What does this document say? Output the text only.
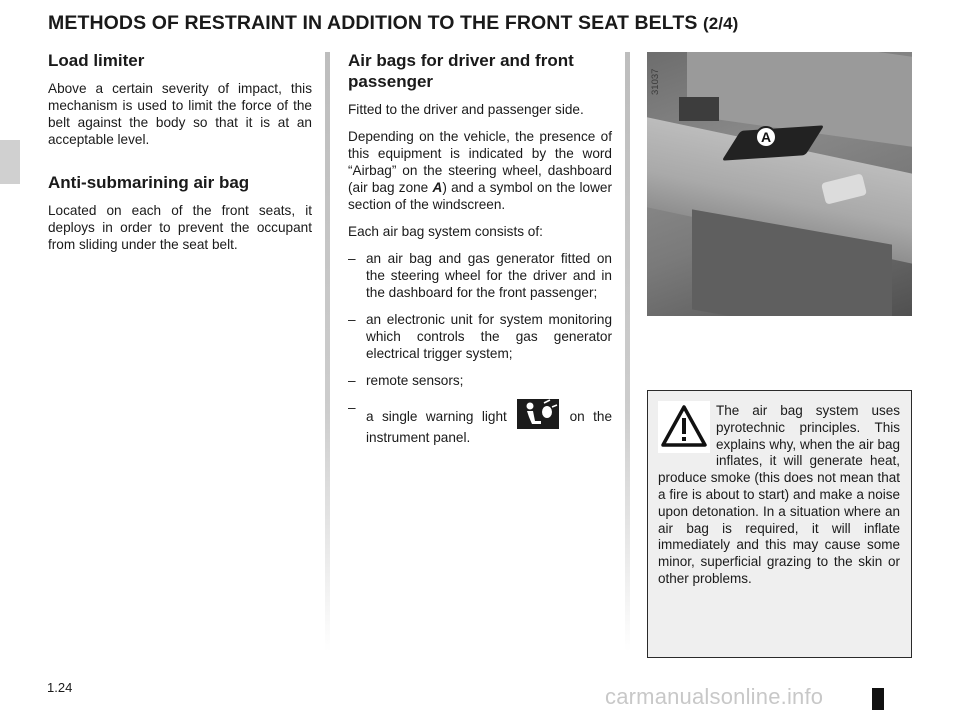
METHODS OF RESTRAINT IN ADDITION TO THE FRONT SEAT BELTS (2/4)
Load limiter

Above a certain severity of impact, this mechanism is used to limit the force of the belt against the body so that it is at an acceptable level.

Anti-submarining air bag

Located on each of the front seats, it deploys in order to prevent the occupant from sliding under the seat belt.

Air bags for driver and front passenger

Fitted to the driver and passenger side.

Depending on the vehicle, the presence of this equipment is indicated by the word “Airbag” on the steering wheel, dashboard (air bag zone A) and a symbol on the lower section of the windscreen.

Each air bag system consists of:

– an air bag and gas generator fitted on the steering wheel for the driver and in the dashboard for the front passenger;
– an electronic unit for system monitoring which controls the gas generator electrical trigger system;
– remote sensors;
– a single warning light	on the instrument panel.
A
31037
The air bag system uses pyrotechnic principles. This explains why, when the air bag inflates, it will generate heat, produce smoke (this does not mean that a fire is about to start) and make a noise upon detonation. In a situation where an air bag is required, it will inflate immediately and this may cause some minor, superficial grazing to the skin or other problems.
1.24	carmanualsonline.info
